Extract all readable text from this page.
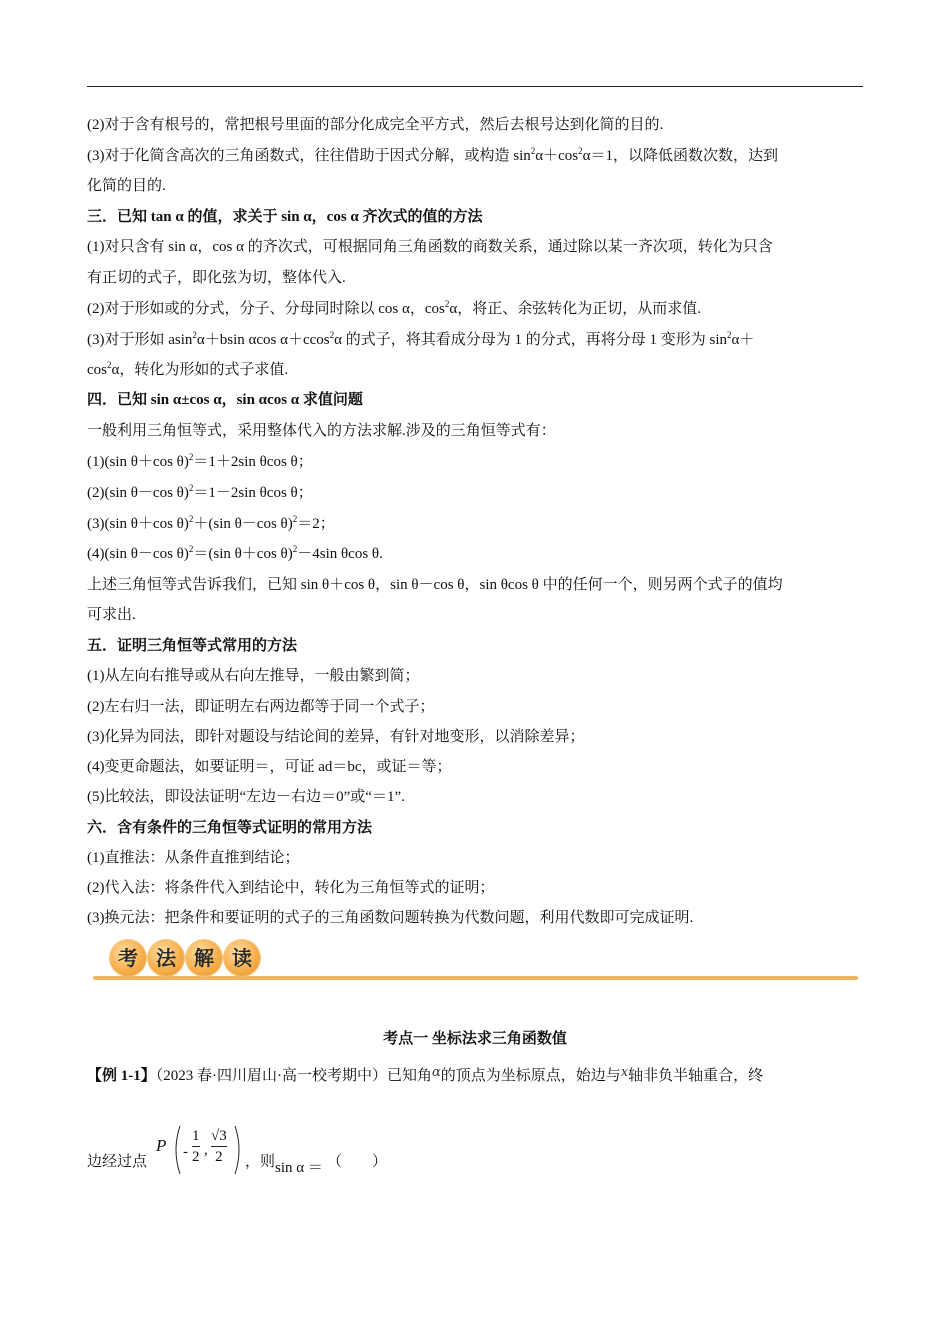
(2)对于含有根号的，常把根号里面的部分化成完全平方式，然后去根号达到化简的目的.
(3)对于化简含高次的三角函数式，往往借助于因式分解，或构造 $\sin^2\alpha+\cos^2\alpha=1$，以降低函数次数，达到
化简的目的.
三．已知 tan α 的值，求关于 sin α，cos α 齐次式的值的方法
(1)对只含有 sin α，cos α 的齐次式，可根据同角三角函数的商数关系，通过除以某一齐次项，转化为只含
有正切的式子，即化弦为切，整体代入.
(2)对于形如或的分式，分子、分母同时除以 cos α，$\cos^2\alpha$，将正、余弦转化为正切，从而求值.
(3)对于形如 asin$^2$α＋bsin αcos α＋ccos$^2$α 的式子，将其看成分母为 1 的分式，再将分母 1 变形为 $\sin^2\alpha+$
$\cos^2\alpha$，转化为形如的式子求值.
四．已知 sin α±cos α，sin αcos α 求值问题
一般利用三角恒等式，采用整体代入的方法求解.涉及的三角恒等式有：
(1)(sin θ＋cos θ)$^2$＝1＋2sin θcos θ；
(2)(sin θ－cos θ)$^2$＝1－2sin θcos θ；
(3)(sin θ＋cos θ)$^2$＋(sin θ－cos θ)$^2$＝2；
(4)(sin θ－cos θ)$^2$＝(sin θ＋cos θ)$^2$－4sin θcos θ.
上述三角恒等式告诉我们，已知 sin θ＋cos θ，sin θ－cos θ，sin θcos θ 中的任何一个，则另两个式子的值均
可求出.
五．证明三角恒等式常用的方法
(1)从左向右推导或从右向左推导，一般由繁到简；
(2)左右归一法，即证明左右两边都等于同一个式子；
(3)化异为同法，即针对题设与结论间的差异，有针对地变形，以消除差异；
(4)变更命题法，如要证明＝，可证 ad＝bc，或证＝等；
(5)比较法，即设法证明“左边－右边＝0”或“＝1”.
六．含有条件的三角恒等式证明的常用方法
(1)直推法：从条件直推到结论；
(2)代入法：将条件代入到结论中，转化为三角恒等式的证明；
(3)换元法：把条件和要证明的式子的三角函数问题转换为代数问题，利用代数即可完成证明.
考 法 解 读
考点一 坐标法求三角函数值
【例 1-1】（2023 春·四川眉山·高一校考期中）已知角α的顶点为坐标原点，始边与x轴非负半轴重合，终
边经过点
P - $\frac{1}{2}$ , $\frac{√3}{2}$ ，则 sin α ＝ （　　）
